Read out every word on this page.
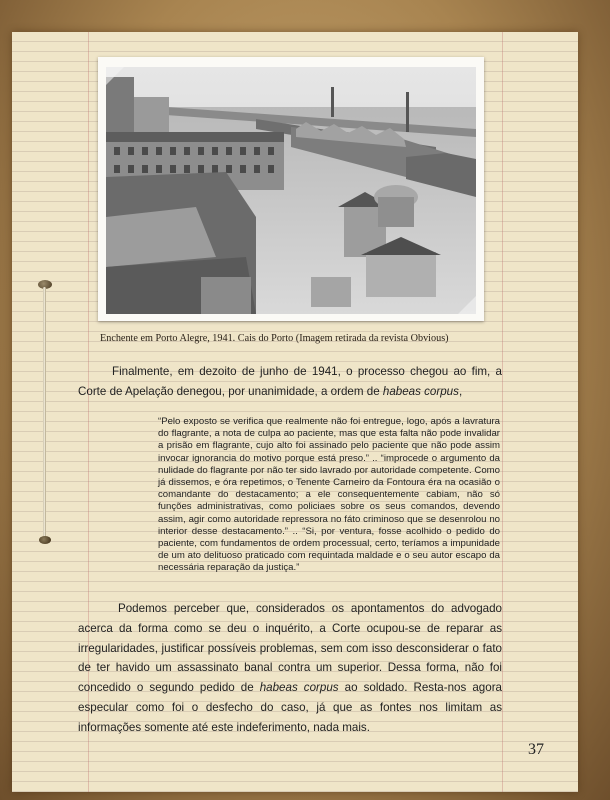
Enchente em Porto Alegre, 1941. Cais do Porto (Imagem retirada da revista Obvious)

Finalmente, em dezoito de junho de 1941, o processo chegou ao fim, a Corte de Apelação denegou, por unanimidade, a ordem de habeas corpus,

“Pelo exposto se verifica que realmente não foi entregue, logo, após a lavratura do flagrante, a nota de culpa ao paciente, mas que esta falta não pode invalidar a prisão em flagrante, cujo alto foi assinado pelo paciente que não pode assim invocar ignorancia do motivo porque está preso.” .. “improcede o argumento da nulidade do flagrante por não ter sido lavrado por autoridade competente. Como já dissemos, e óra repetimos, o Tenente Carneiro da Fontoura éra na ocasião o comandante do destacamento; a ele consequentemente cabiam, não só funções administrativas, como policiaes sobre os seus comandos, devendo assim, agir como autoridade repressora no fáto criminoso que se desenrolou no interior desse destacamento.” .. “Si, por ventura, fosse acolhido o pedido do paciente, com fundamentos de ordem processual, certo, teríamos a impunidade de um ato delituoso praticado com requintada maldade e o seu autor escapo da necessária reparação da justiça.”

Podemos perceber que, considerados os apontamentos do advogado acerca da forma como se deu o inquérito, a Corte ocupou-se de reparar as irregularidades, justificar possíveis problemas, sem com isso desconsiderar o fato de ter havido um assassinato banal contra um superior. Dessa forma, não foi concedido o segundo pedido de habeas corpus ao soldado. Resta-nos agora especular como foi o desfecho do caso, já que as fontes nos limitam as informações somente até este indeferimento, nada mais.

37
